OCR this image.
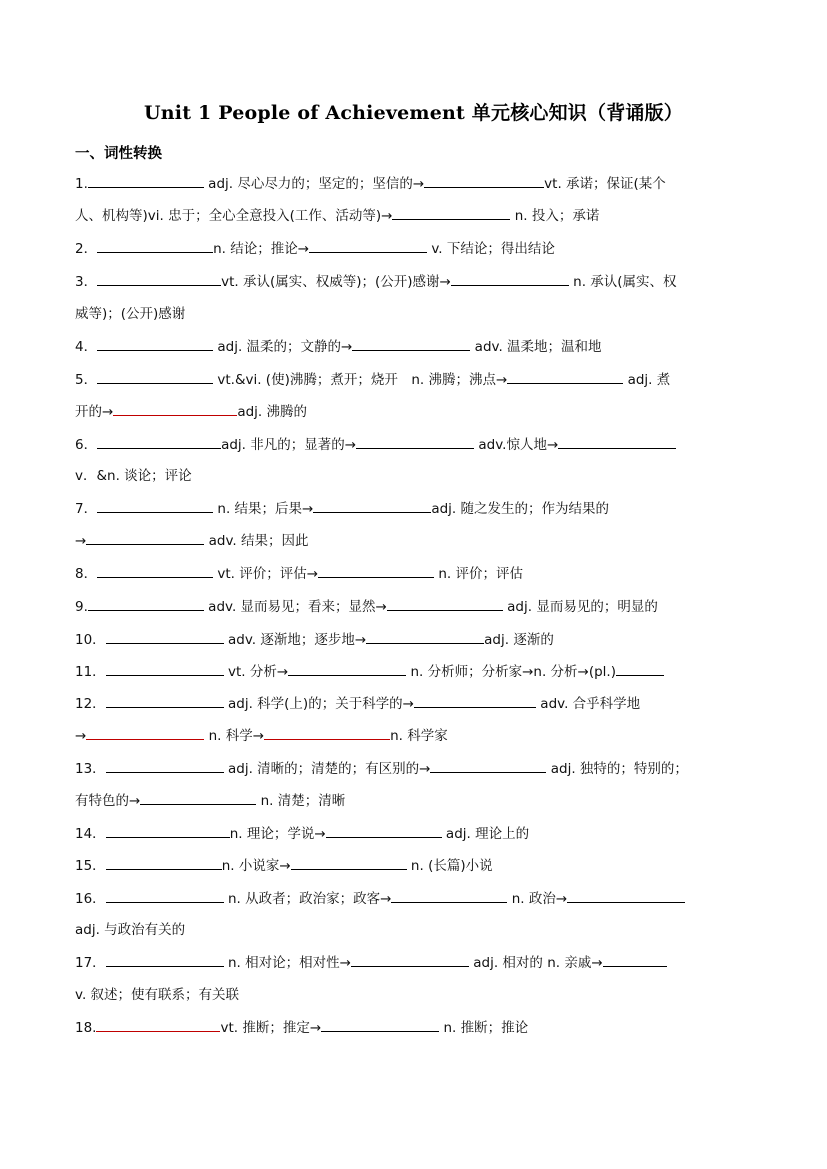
Unit 1 People of Achievement 单元核心知识（背诵版）
一、词性转换
1.	adj. 尽心尽力的；坚定的；坚信的→	vt. 承诺；保证(某个
人、机构等)vi. 忠于；全心全意投入(工作、活动等)→	n. 投入；承诺
2．	n. 结论；推论→	v. 下结论；得出结论
3．	vt. 承认(属实、权威等)；(公开)感谢→	n. 承认(属实、权
威等)；(公开)感谢
4．	adj. 温柔的；文静的→	adv. 温柔地；温和地
5．	vt.&vi. (使)沸腾；煮开；烧开　n. 沸腾；沸点→	adj. 煮
开的→	adj. 沸腾的
6．	adj. 非凡的；显著的→	adv.惊人地→
v．&n. 谈论；评论
7．	n. 结果；后果→	adj. 随之发生的；作为结果的
→	adv. 结果；因此
8．	vt. 评价；评估→	n. 评价；评估
9.	adv. 显而易见；看来；显然→	adj. 显而易见的；明显的
10．	adv. 逐渐地；逐步地→	adj. 逐渐的
11．	vt. 分析→	n. 分析师；分析家→n. 分析→(pl.)
12．	adj. 科学(上)的；关于科学的→	adv. 合乎科学地
→	n. 科学→	n. 科学家
13．	adj. 清晰的；清楚的；有区别的→	adj. 独特的；特别的；
有特色的→	n. 清楚；清晰
14．	n. 理论；学说→	adj. 理论上的
15．	n. 小说家→	n. (长篇)小说
16．	n. 从政者；政治家；政客→	n. 政治→
adj. 与政治有关的
17．	n. 相对论；相对性→	adj. 相对的 n. 亲戚→
v. 叙述；使有联系；有关联
18.	vt. 推断；推定→	n. 推断；推论
